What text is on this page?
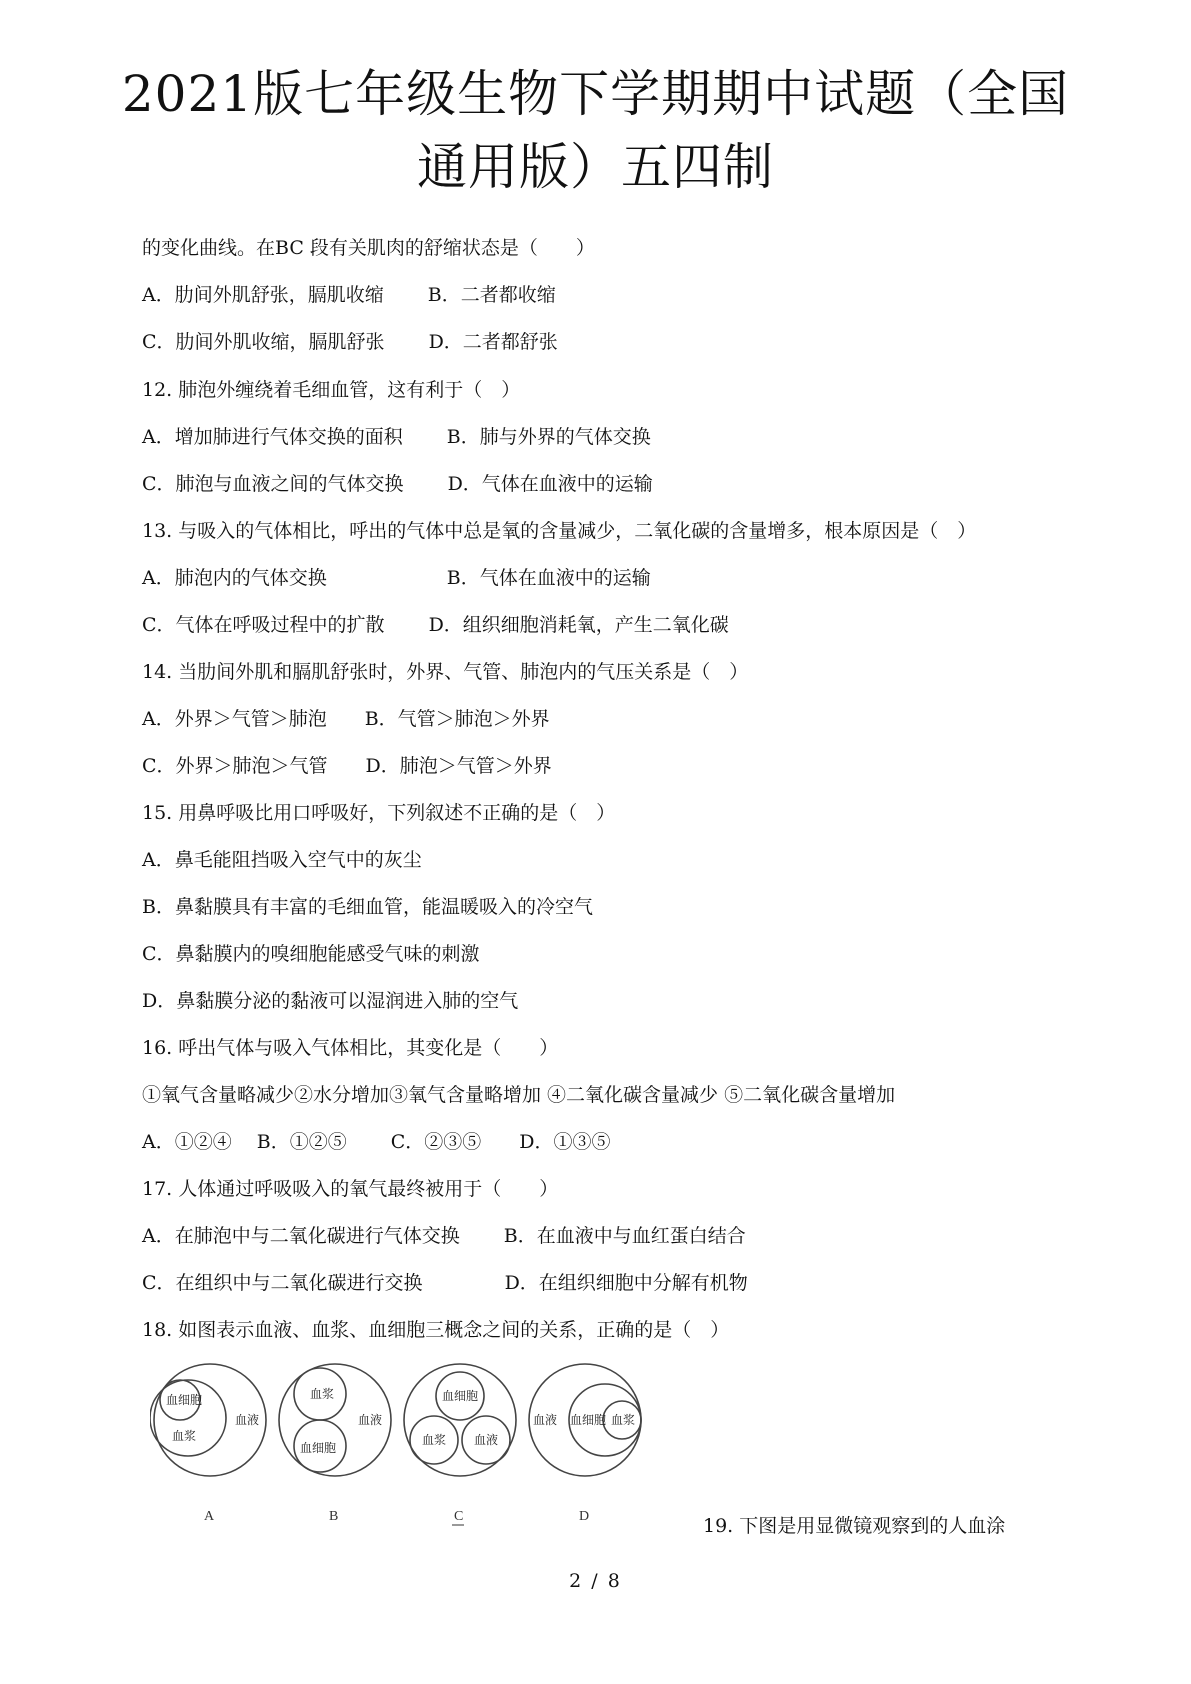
2021版七年级生物下学期期中试题（全国
通用版）五四制
的变化曲线。在BC 段有关肌肉的舒缩状态是（　　）
A．肋间外肌舒张，膈肌收缩　　 B．二者都收缩
C．肋间外肌收缩，膈肌舒张　　 D．二者都舒张
12. 肺泡外缠绕着毛细血管，这有利于（　）
A．增加肺进行气体交换的面积　　 B．肺与外界的气体交换
C．肺泡与血液之间的气体交换　　 D．气体在血液中的运输
13. 与吸入的气体相比，呼出的气体中总是氧的含量减少，二氧化碳的含量增多，根本原因是（　）
A．肺泡内的气体交换　　　　　　 B．气体在血液中的运输
C．气体在呼吸过程中的扩散　　 D．组织细胞消耗氧，产生二氧化碳
14. 当肋间外肌和膈肌舒张时，外界、气管、肺泡内的气压关系是（　）
A．外界＞气管＞肺泡　　B．气管＞肺泡＞外界
C．外界＞肺泡＞气管　　D．肺泡＞气管＞外界
15. 用鼻呼吸比用口呼吸好，下列叙述不正确的是（　）
A．鼻毛能阻挡吸入空气中的灰尘
B．鼻黏膜具有丰富的毛细血管，能温暖吸入的冷空气
C．鼻黏膜内的嗅细胞能感受气味的刺激
D．鼻黏膜分泌的黏液可以湿润进入肺的空气
16. 呼出气体与吸入气体相比，其变化是（　　）
①氧气含量略减少②水分增加③氧气含量略增加 ④二氧化碳含量减少 ⑤二氧化碳含量增加
A．①②④　 B．①②⑤　　 C．②③⑤　　D．①③⑤
17. 人体通过呼吸吸入的氧气最终被用于（　　）
A．在肺泡中与二氧化碳进行气体交换　　 B．在血液中与血红蛋白结合
C．在组织中与二氧化碳进行交换　　　　 D．在组织细胞中分解有机物
18. 如图表示血液、血浆、血细胞三概念之间的关系，正确的是（　）
血细胞
血浆
血液
A
血浆
血液
血细胞
B
血细胞
血浆 血液
C
血液 血细胞 血浆
D	19. 下图是用显微镜观察到的人血涂
2 / 8
